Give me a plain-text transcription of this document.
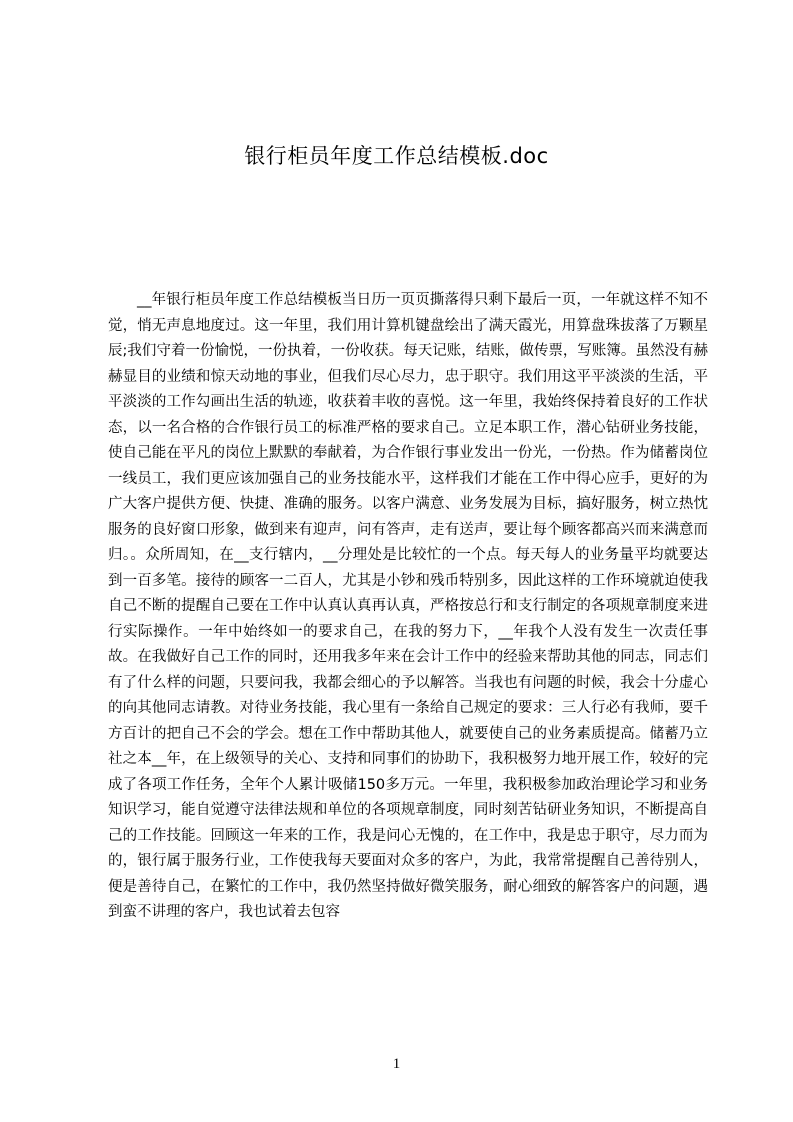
银行柜员年度工作总结模板.doc

__年银行柜员年度工作总结模板当日历一页页撕落得只剩下最后一页，一年就这样不知不觉，悄无声息地度过。这一年里，我们用计算机键盘绘出了满天霞光，用算盘珠拔落了万颗星辰;我们守着一份愉悦，一份执着，一份收获。每天记账，结账，做传票，写账簿。虽然没有赫赫显目的业绩和惊天动地的事业，但我们尽心尽力，忠于职守。我们用这平平淡淡的生活，平平淡淡的工作勾画出生活的轨迹，收获着丰收的喜悦。这一年里，我始终保持着良好的工作状态，以一名合格的合作银行员工的标准严格的要求自己。立足本职工作，潜心钻研业务技能，使自己能在平凡的岗位上默默的奉献着，为合作银行事业发出一份光，一份热。作为储蓄岗位一线员工，我们更应该加强自己的业务技能水平，这样我们才能在工作中得心应手，更好的为广大客户提供方便、快捷、准确的服务。以客户满意、业务发展为目标，搞好服务，树立热忱服务的良好窗口形象，做到来有迎声，问有答声，走有送声，要让每个顾客都高兴而来满意而归。。众所周知，在__支行辖内，__分理处是比较忙的一个点。每天每人的业务量平均就要达到一百多笔。接待的顾客一二百人，尤其是小钞和残币特别多，因此这样的工作环境就迫使我自己不断的提醒自己要在工作中认真认真再认真，严格按总行和支行制定的各项规章制度来进行实际操作。一年中始终如一的要求自己，在我的努力下，__年我个人没有发生一次责任事故。在我做好自己工作的同时，还用我多年来在会计工作中的经验来帮助其他的同志，同志们有了什么样的问题，只要问我，我都会细心的予以解答。当我也有问题的时候，我会十分虚心的向其他同志请教。对待业务技能，我心里有一条给自己规定的要求：三人行必有我师，要千方百计的把自己不会的学会。想在工作中帮助其他人，就要使自己的业务素质提高。储蓄乃立社之本__年，在上级领导的关心、支持和同事们的协助下，我积极努力地开展工作，较好的完成了各项工作任务，全年个人累计吸储150多万元。一年里，我积极参加政治理论学习和业务知识学习，能自觉遵守法律法规和单位的各项规章制度，同时刻苦钻研业务知识，不断提高自己的工作技能。回顾这一年来的工作，我是问心无愧的，在工作中，我是忠于职守，尽力而为的，银行属于服务行业，工作使我每天要面对众多的客户，为此，我常常提醒自己善待别人，便是善待自己，在繁忙的工作中，我仍然坚持做好微笑服务，耐心细致的解答客户的问题，遇到蛮不讲理的客户，我也试着去包容

1
